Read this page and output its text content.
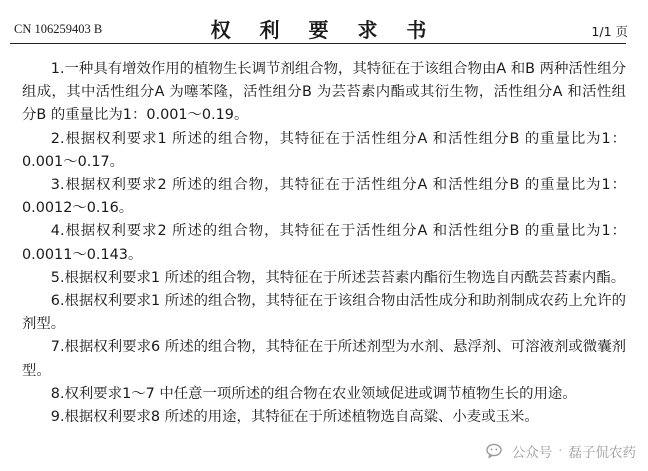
CN 106259403 B	权 利 要 求 书	1/1 页

1.一种具有增效作用的植物生长调节剂组合物，其特征在于该组合物由A 和B 两种活性组分组成，其中活性组分A 为噻苯隆，活性组分B 为芸苔素内酯或其衍生物，活性组分A 和活性组分B 的重量比为1：0.001～0.19。

2.根据权利要求1 所述的组合物，其特征在于活性组分A 和活性组分B 的重量比为1：0.001～0.17。

3.根据权利要求2 所述的组合物，其特征在于活性组分A 和活性组分B 的重量比为1：0.0012～0.16。

4.根据权利要求2 所述的组合物，其特征在于活性组分A 和活性组分B 的重量比为1：0.0011～0.143。

5.根据权利要求1 所述的组合物，其特征在于所述芸苔素内酯衍生物选自丙酰芸苔素内酯。

6.根据权利要求1 所述的组合物，其特征在于该组合物由活性成分和助剂制成农药上允许的剂型。

7.根据权利要求6 所述的组合物，其特征在于所述剂型为水剂、悬浮剂、可溶液剂或微囊剂型。

8.权利要求1～7 中任意一项所述的组合物在农业领域促进或调节植物生长的用途。

9.根据权利要求8 所述的用途，其特征在于所述植物选自高粱、小麦或玉米。

公众号 · 磊子侃农药
